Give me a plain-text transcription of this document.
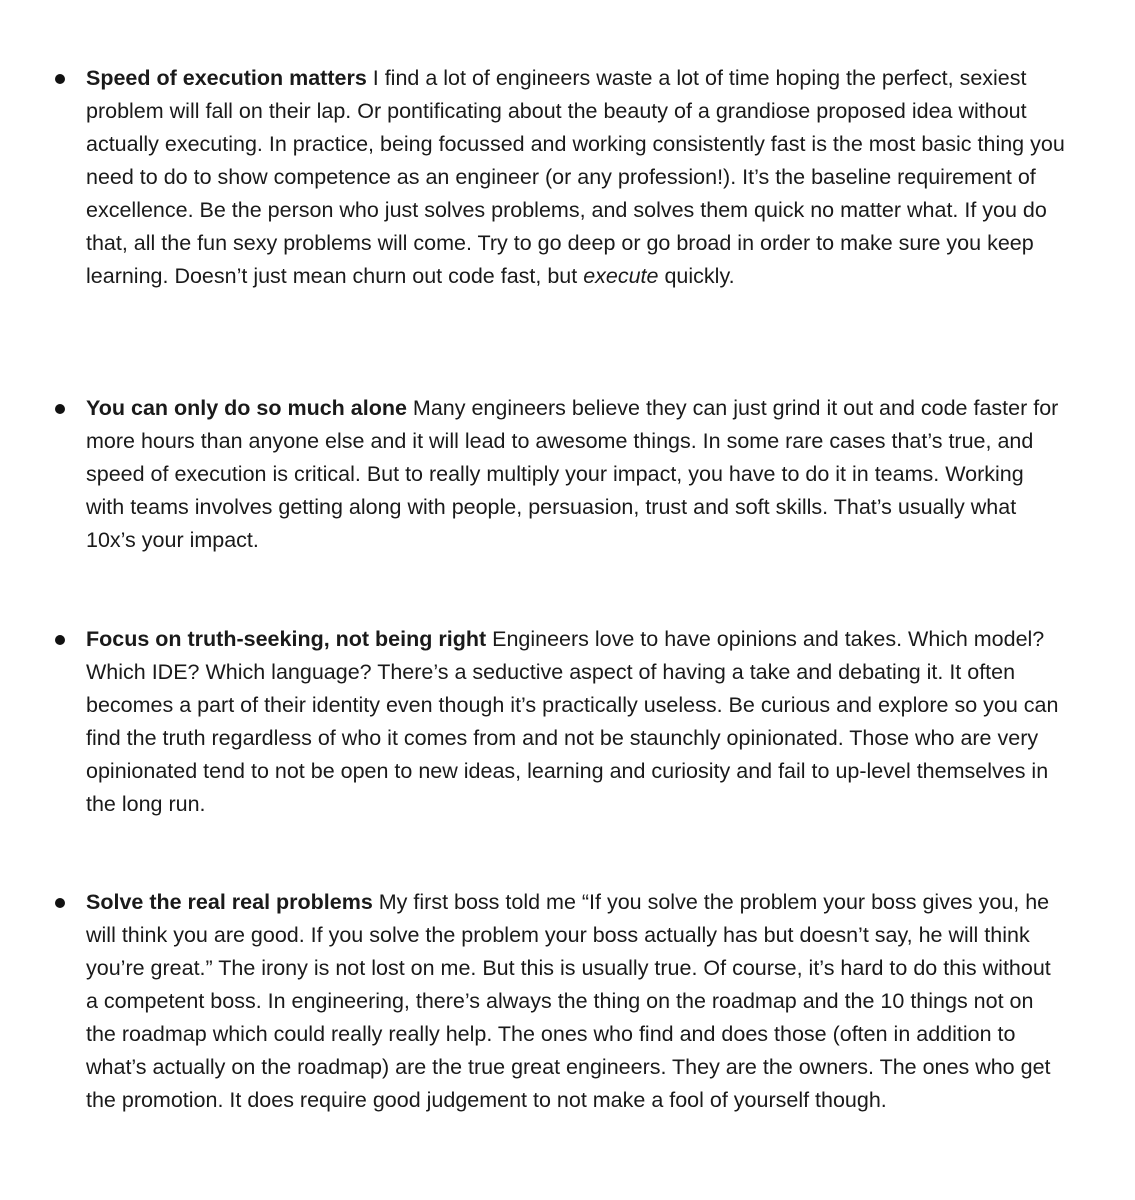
Speed of execution matters I find a lot of engineers waste a lot of time hoping the perfect, sexiest problem will fall on their lap. Or pontificating about the beauty of a grandiose proposed idea without actually executing. In practice, being focussed and working consistently fast is the most basic thing you need to do to show competence as an engineer (or any profession!). It’s the baseline requirement of excellence. Be the person who just solves problems, and solves them quick no matter what. If you do that, all the fun sexy problems will come. Try to go deep or go broad in order to make sure you keep learning. Doesn’t just mean churn out code fast, but execute quickly.
You can only do so much alone Many engineers believe they can just grind it out and code faster for more hours than anyone else and it will lead to awesome things. In some rare cases that’s true, and speed of execution is critical. But to really multiply your impact, you have to do it in teams. Working with teams involves getting along with people, persuasion, trust and soft skills. That’s usually what 10x’s your impact.
Focus on truth-seeking, not being right Engineers love to have opinions and takes. Which model? Which IDE? Which language? There’s a seductive aspect of having a take and debating it. It often becomes a part of their identity even though it’s practically useless. Be curious and explore so you can find the truth regardless of who it comes from and not be staunchly opinionated. Those who are very opinionated tend to not be open to new ideas, learning and curiosity and fail to up-level themselves in the long run.
Solve the real real problems My first boss told me “If you solve the problem your boss gives you, he will think you are good. If you solve the problem your boss actually has but doesn’t say, he will think you’re great.” The irony is not lost on me. But this is usually true. Of course, it’s hard to do this without a competent boss. In engineering, there’s always the thing on the roadmap and the 10 things not on the roadmap which could really really help. The ones who find and does those (often in addition to what’s actually on the roadmap) are the true great engineers. They are the owners. The ones who get the promotion. It does require good judgement to not make a fool of yourself though.
